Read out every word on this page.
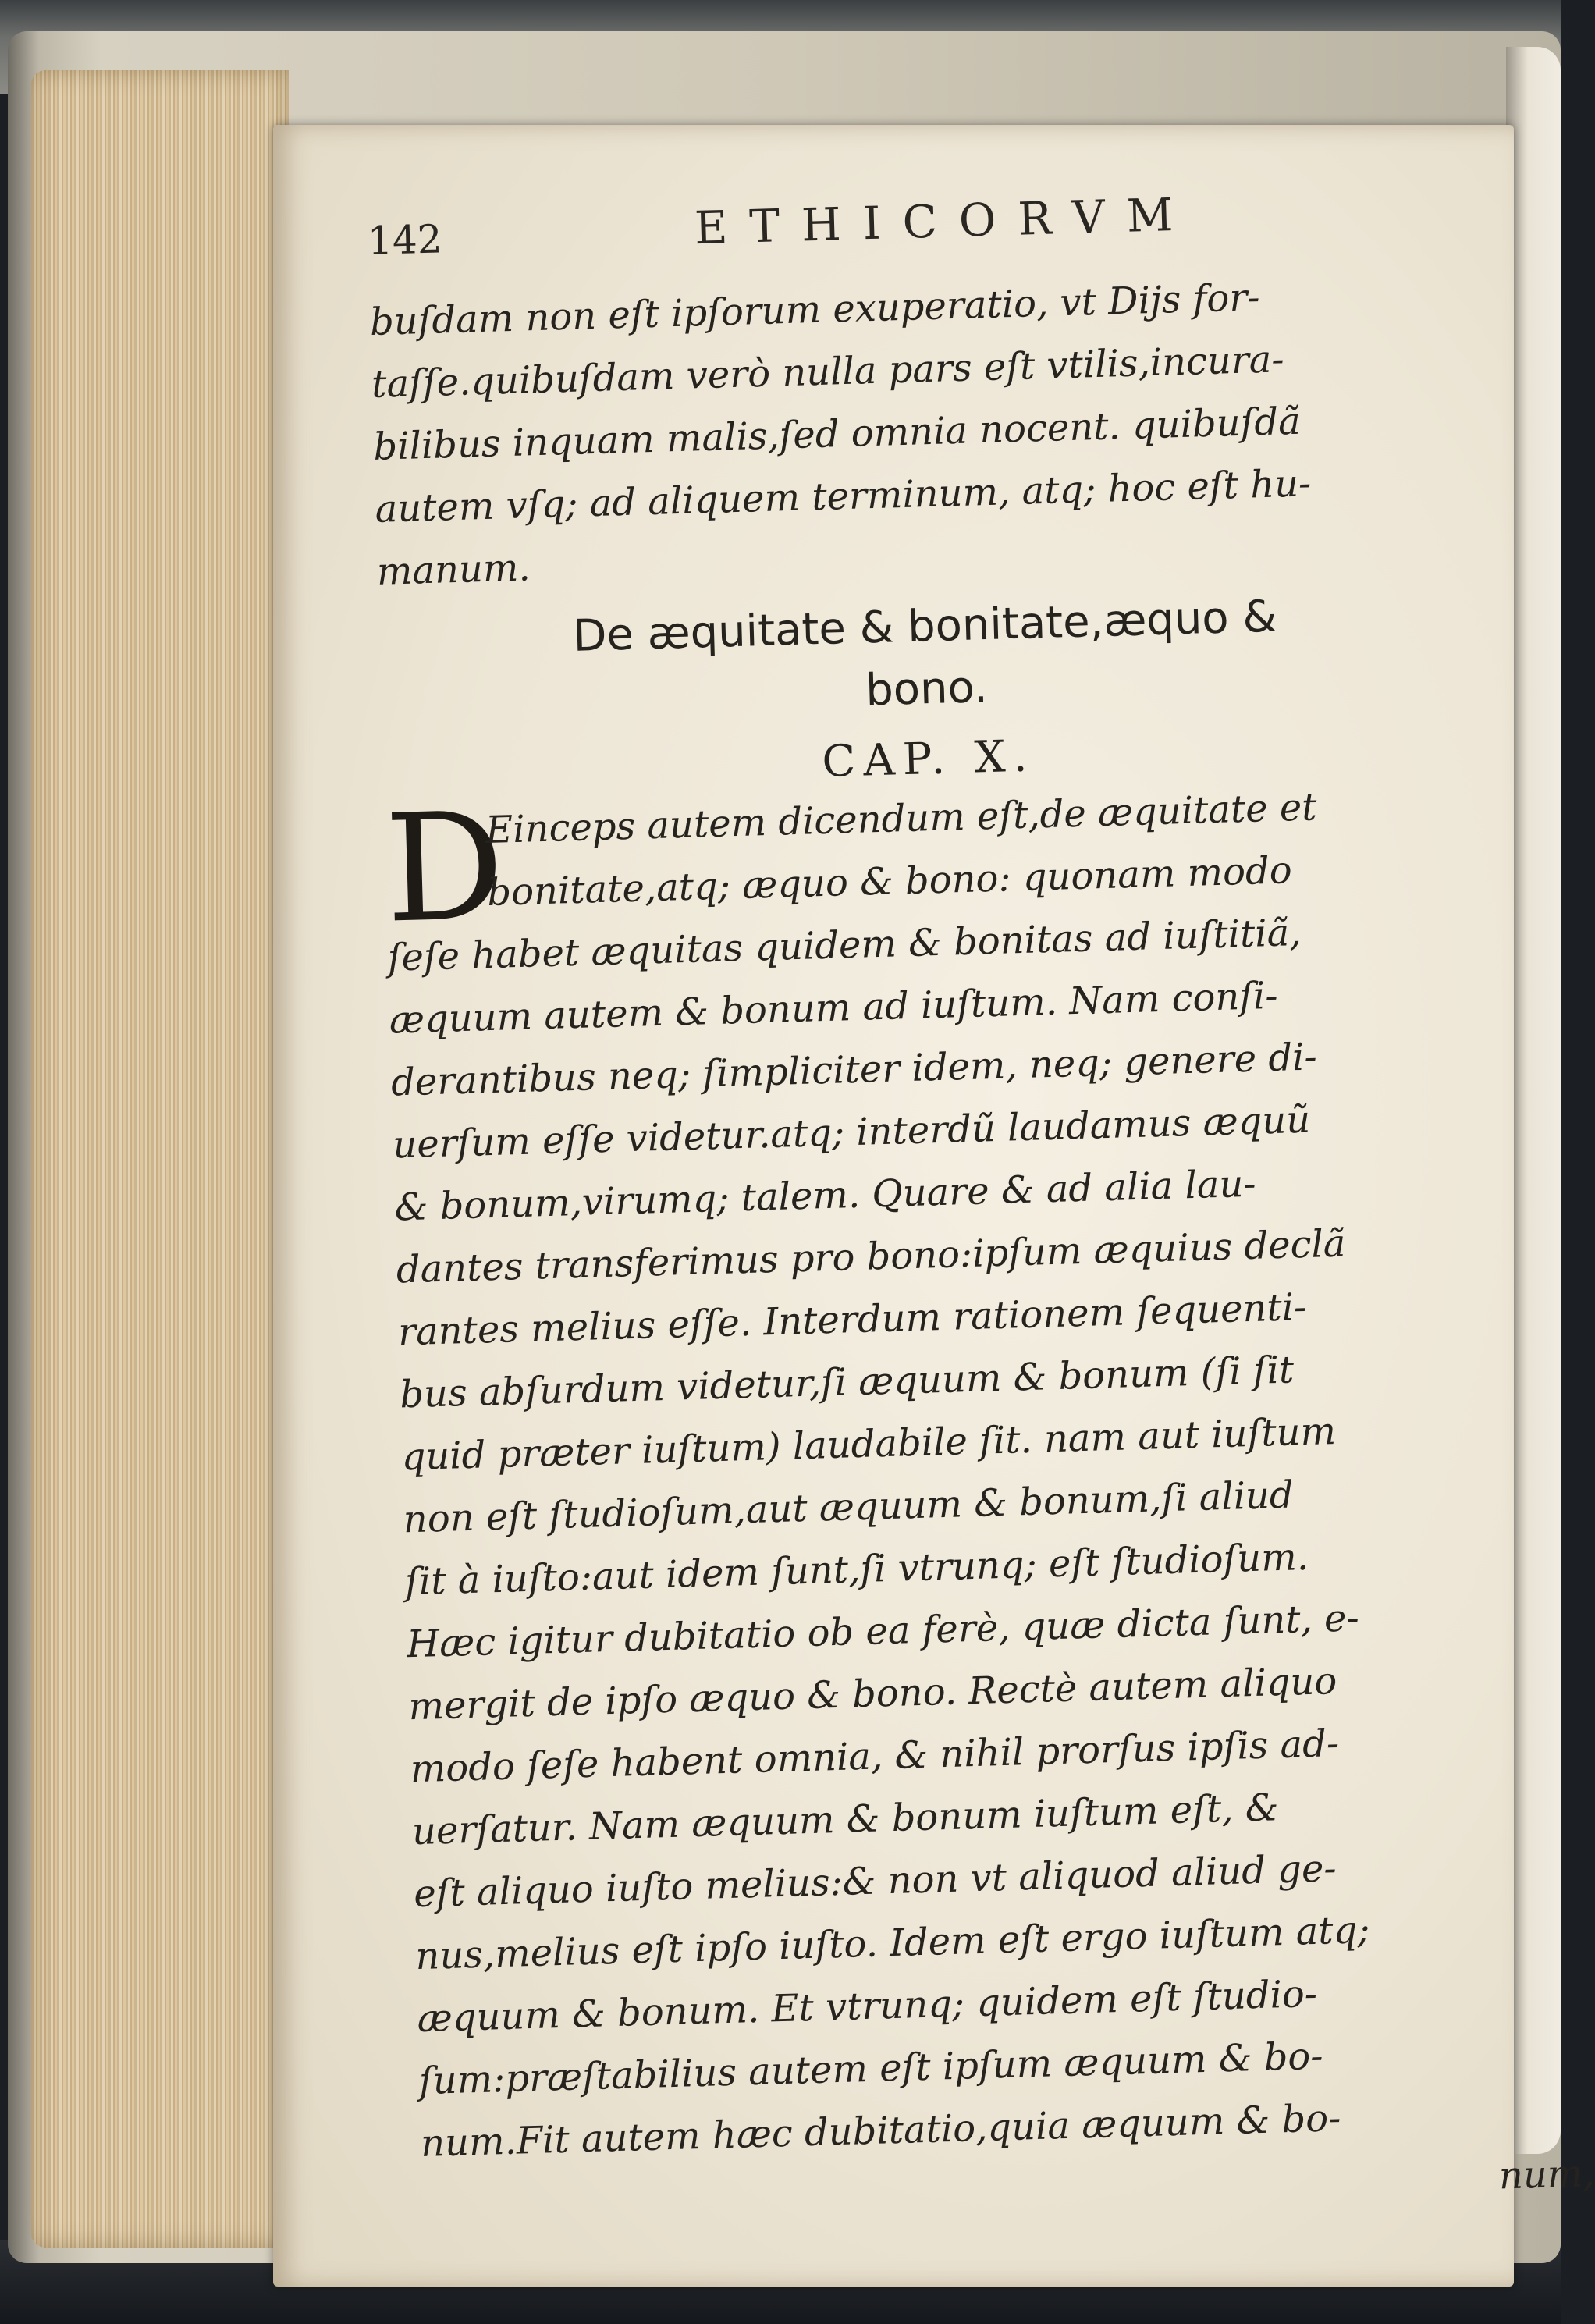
142	ETHICORVM
buſdam non eſt ipſorum exuperatio, vt Dijs for-
taſſe.quibuſdam verò nulla pars eſt vtilis,incura-
bilibus inquam malis,ſed omnia nocent. quibuſdã
autem vſq; ad aliquem terminum, atq; hoc eſt hu-
manum.
De æquitate & bonitate,æquo &
bono.
CAP. X.
D
Einceps autem dicendum eſt,de æquitate et
bonitate,atq; æquo & bono: quonam modo
ſeſe habet æquitas quidem & bonitas ad iuſtitiã,
æquum autem & bonum ad iuſtum. Nam conſi-
derantibus neq; ſimpliciter idem, neq; genere di-
uerſum eſſe videtur.atq; interdũ laudamus æquũ
& bonum,virumq; talem. Quare & ad alia lau-
dantes transferimus pro bono:ipſum æquius declã
rantes melius eſſe. Interdum rationem ſequenti-
bus abſurdum videtur,ſi æquum & bonum (ſi ſit
quid præter iuſtum) laudabile ſit. nam aut iuſtum
non eſt ſtudioſum,aut æquum & bonum,ſi aliud
ſit à iuſto:aut idem ſunt,ſi vtrunq; eſt ſtudioſum.
Hæc igitur dubitatio ob ea ferè, quæ dicta ſunt, e-
mergit de ipſo æquo & bono. Rectè autem aliquo
modo ſeſe habent omnia, & nihil prorſus ipſis ad-
uerſatur. Nam æquum & bonum iuſtum eſt, &
eſt aliquo iuſto melius:& non vt aliquod aliud ge-
nus,melius eſt ipſo iuſto. Idem eſt ergo iuſtum atq;
æquum & bonum. Et vtrunq; quidem eſt ſtudio-
ſum:præſtabilius autem eſt ipſum æquum & bo-
num.Fit autem hæc dubitatio,quia æquum & bo-
num,
